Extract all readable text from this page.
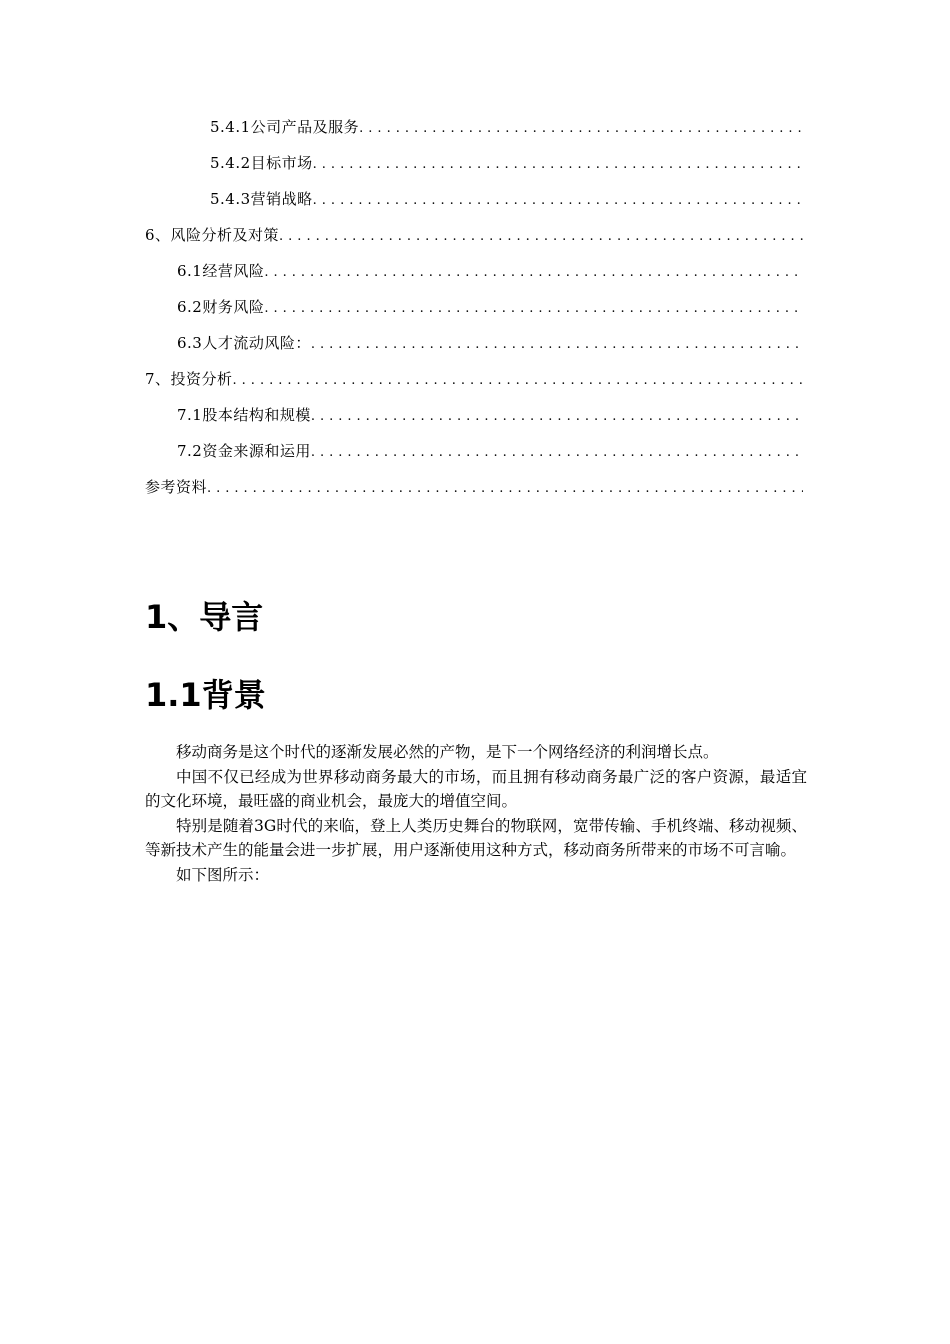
5.4.1公司产品及服务
.....
5.4.2目标市场
.....
5.4.3营销战略
.....
6、风险分析及对策
.....
6.1经营风险
.....
6.2财务风险
.....
6.3人才流动风险：
.....
7、投资分析
.....
7.1股本结构和规模
.....
7.2资金来源和运用
.....
参考资料
.....
1、导言
1.1背景

移动商务是这个时代的逐渐发展必然的产物，是下一个网络经济的利润增长点。

中国不仅已经成为世界移动商务最大的市场，而且拥有移动商务最广泛的客户资源，最适宜的文化环境，最旺盛的商业机会，最庞大的增值空间。

特别是随着3G时代的来临，登上人类历史舞台的物联网，宽带传输、手机终端、移动视频、等新技术产生的能量会进一步扩展，用户逐渐使用这种方式，移动商务所带来的市场不可言喻。

如下图所示：
